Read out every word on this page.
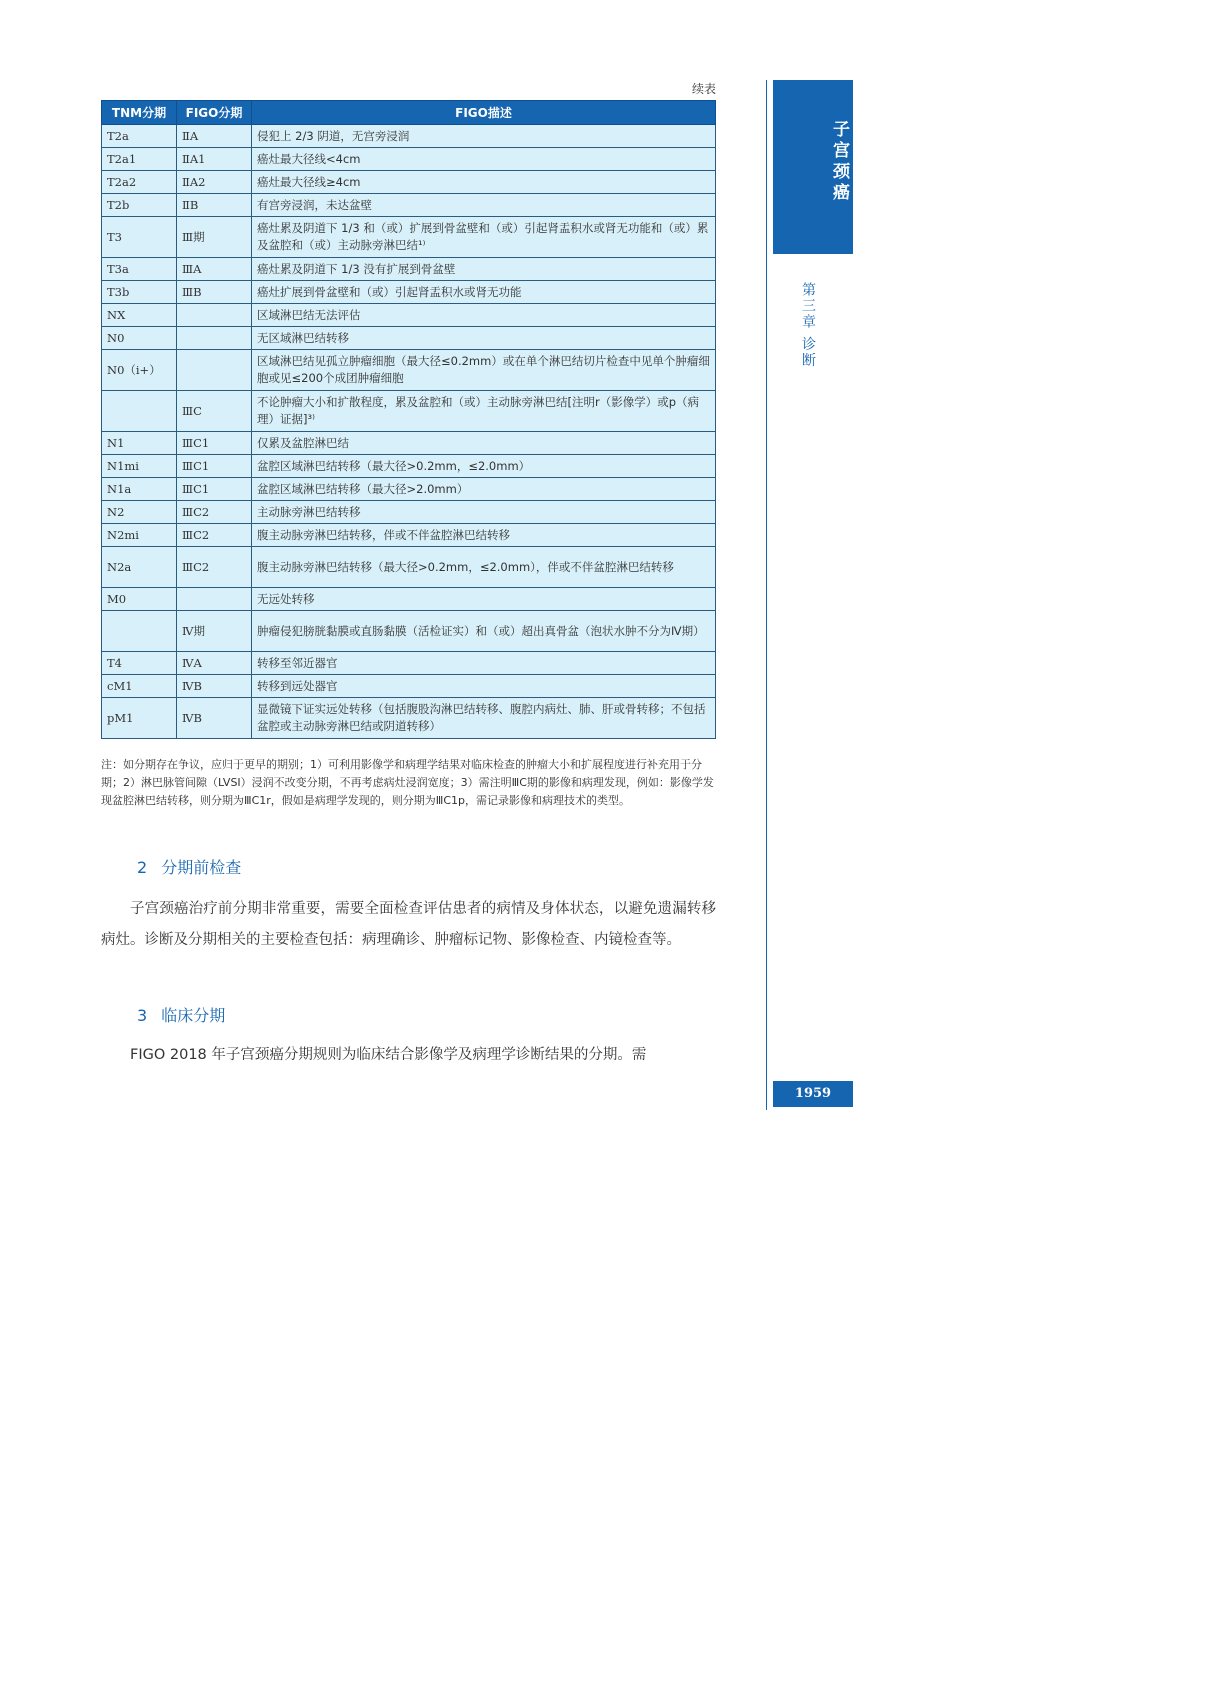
续表
TNM分期	FIGO分期	FIGO描述
T2a	ⅡA	侵犯上 2/3 阴道，无宫旁浸润
T2a1	ⅡA1	癌灶最大径线<4cm
T2a2	ⅡA2	癌灶最大径线≥4cm
T2b	ⅡB	有宫旁浸润，未达盆壁
T3	Ⅲ期	癌灶累及阴道下 1/3 和（或）扩展到骨盆壁和（或）引起肾盂积水或肾无功能和（或）累及盆腔和（或）主动脉旁淋巴结¹⁾
T3a	ⅢA	癌灶累及阴道下 1/3 没有扩展到骨盆壁
T3b	ⅢB	癌灶扩展到骨盆壁和（或）引起肾盂积水或肾无功能
NX		区域淋巴结无法评估
N0		无区域淋巴结转移
N0（i+）		区域淋巴结见孤立肿瘤细胞（最大径≤0.2mm）或在单个淋巴结切片检查中见单个肿瘤细胞或见≤200个成团肿瘤细胞
	ⅢC	不论肿瘤大小和扩散程度，累及盆腔和（或）主动脉旁淋巴结[注明r（影像学）或p（病理）证据]³⁾
N1	ⅢC1	仅累及盆腔淋巴结
N1mi	ⅢC1	盆腔区域淋巴结转移（最大径>0.2mm，≤2.0mm）
N1a	ⅢC1	盆腔区域淋巴结转移（最大径>2.0mm）
N2	ⅢC2	主动脉旁淋巴结转移
N2mi	ⅢC2	腹主动脉旁淋巴结转移，伴或不伴盆腔淋巴结转移
N2a	ⅢC2	腹主动脉旁淋巴结转移（最大径>0.2mm，≤2.0mm），伴或不伴盆腔淋巴结转移
M0		无远处转移
	Ⅳ期	肿瘤侵犯膀胱黏膜或直肠黏膜（活检证实）和（或）超出真骨盆（泡状水肿不分为Ⅳ期）
T4	ⅣA	转移至邻近器官
cM1	ⅣB	转移到远处器官
pM1	ⅣB	显微镜下证实远处转移（包括腹股沟淋巴结转移、腹腔内病灶、肺、肝或骨转移；不包括盆腔或主动脉旁淋巴结或阴道转移）
注：如分期存在争议，应归于更早的期别；1）可利用影像学和病理学结果对临床检查的肿瘤大小和扩展程度进行补充用于分期；2）淋巴脉管间隙（LVSI）浸润不改变分期，不再考虑病灶浸润宽度；3）需注明ⅢC期的影像和病理发现，例如：影像学发现盆腔淋巴结转移，则分期为ⅢC1r，假如是病理学发现的，则分期为ⅢC1p，需记录影像和病理技术的类型。
2 分期前检查
子宫颈癌治疗前分期非常重要，需要全面检查评估患者的病情及身体状态，以避免遗漏转移病灶。诊断及分期相关的主要检查包括：病理确诊、肿瘤标记物、影像检查、内镜检查等。
3 临床分期
FIGO 2018 年子宫颈癌分期规则为临床结合影像学及病理学诊断结果的分期。需
子宫颈癌
第三章 诊断
1959
